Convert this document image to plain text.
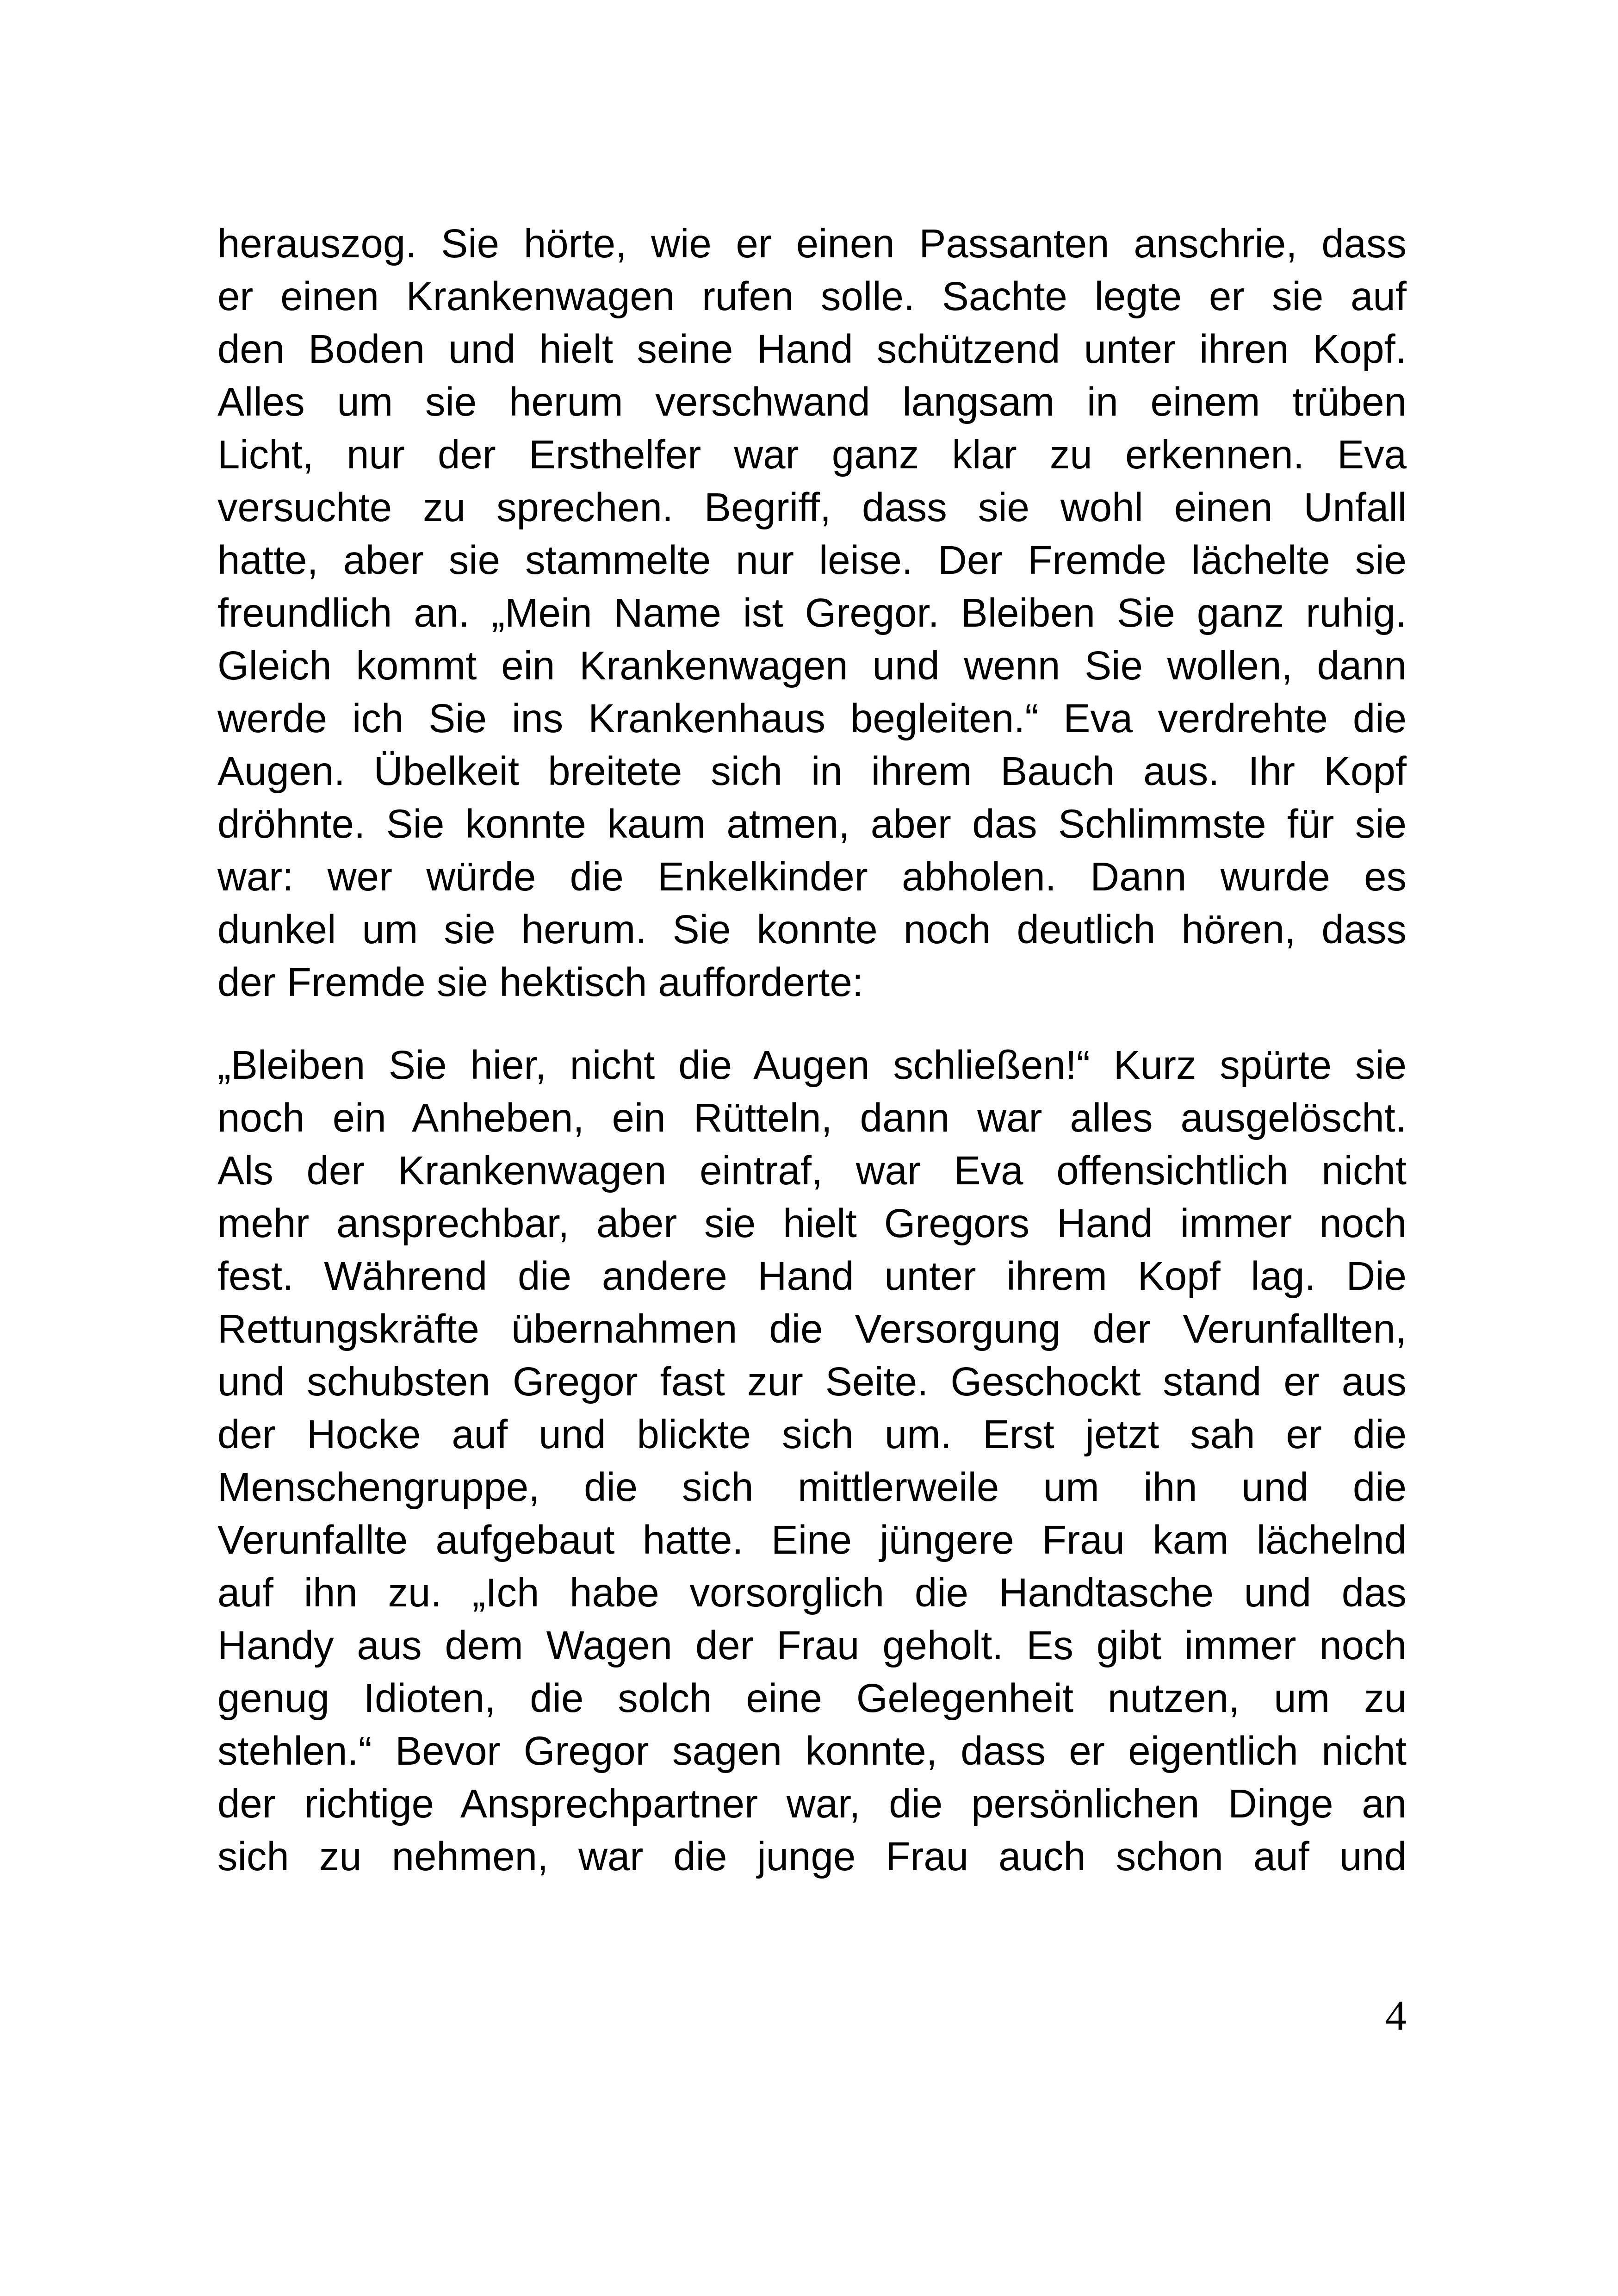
herauszog. Sie hörte, wie er einen Passanten anschrie, dass
er einen Krankenwagen rufen solle. Sachte legte er sie auf
den Boden und hielt seine Hand schützend unter ihren Kopf.
Alles um sie herum verschwand langsam in einem trüben
Licht, nur der Ersthelfer war ganz klar zu erkennen. Eva
versuchte zu sprechen. Begriff, dass sie wohl einen Unfall
hatte, aber sie stammelte nur leise. Der Fremde lächelte sie
freundlich an. „Mein Name ist Gregor. Bleiben Sie ganz ruhig.
Gleich kommt ein Krankenwagen und wenn Sie wollen, dann
werde ich Sie ins Krankenhaus begleiten.“ Eva verdrehte die
Augen. Übelkeit breitete sich in ihrem Bauch aus. Ihr Kopf
dröhnte. Sie konnte kaum atmen, aber das Schlimmste für sie
war: wer würde die Enkelkinder abholen. Dann wurde es
dunkel um sie herum. Sie konnte noch deutlich hören, dass
der Fremde sie hektisch aufforderte:
„Bleiben Sie hier, nicht die Augen schließen!“ Kurz spürte sie
noch ein Anheben, ein Rütteln, dann war alles ausgelöscht.
Als der Krankenwagen eintraf, war Eva offensichtlich nicht
mehr ansprechbar, aber sie hielt Gregors Hand immer noch
fest. Während die andere Hand unter ihrem Kopf lag. Die
Rettungskräfte übernahmen die Versorgung der Verunfallten,
und schubsten Gregor fast zur Seite. Geschockt stand er aus
der Hocke auf und blickte sich um. Erst jetzt sah er die
Menschengruppe, die sich mittlerweile um ihn und die
Verunfallte aufgebaut hatte. Eine jüngere Frau kam lächelnd
auf ihn zu. „Ich habe vorsorglich die Handtasche und das
Handy aus dem Wagen der Frau geholt. Es gibt immer noch
genug Idioten, die solch eine Gelegenheit nutzen, um zu
stehlen.“ Bevor Gregor sagen konnte, dass er eigentlich nicht
der richtige Ansprechpartner war, die persönlichen Dinge an
sich zu nehmen, war die junge Frau auch schon auf und
4
